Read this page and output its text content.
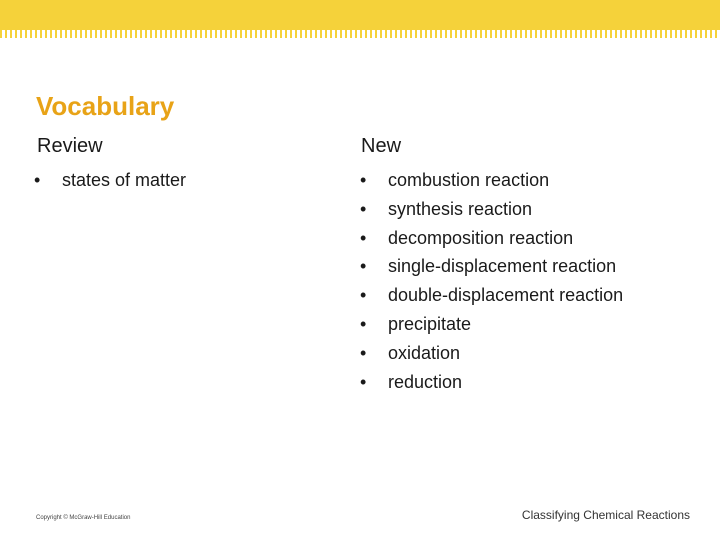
Vocabulary
Review
• states of matter
New
• combustion reaction
• synthesis reaction
• decomposition reaction
• single-displacement reaction
• double-displacement reaction
• precipitate
• oxidation
• reduction
Copyright © McGraw-Hill Education	Classifying Chemical Reactions
